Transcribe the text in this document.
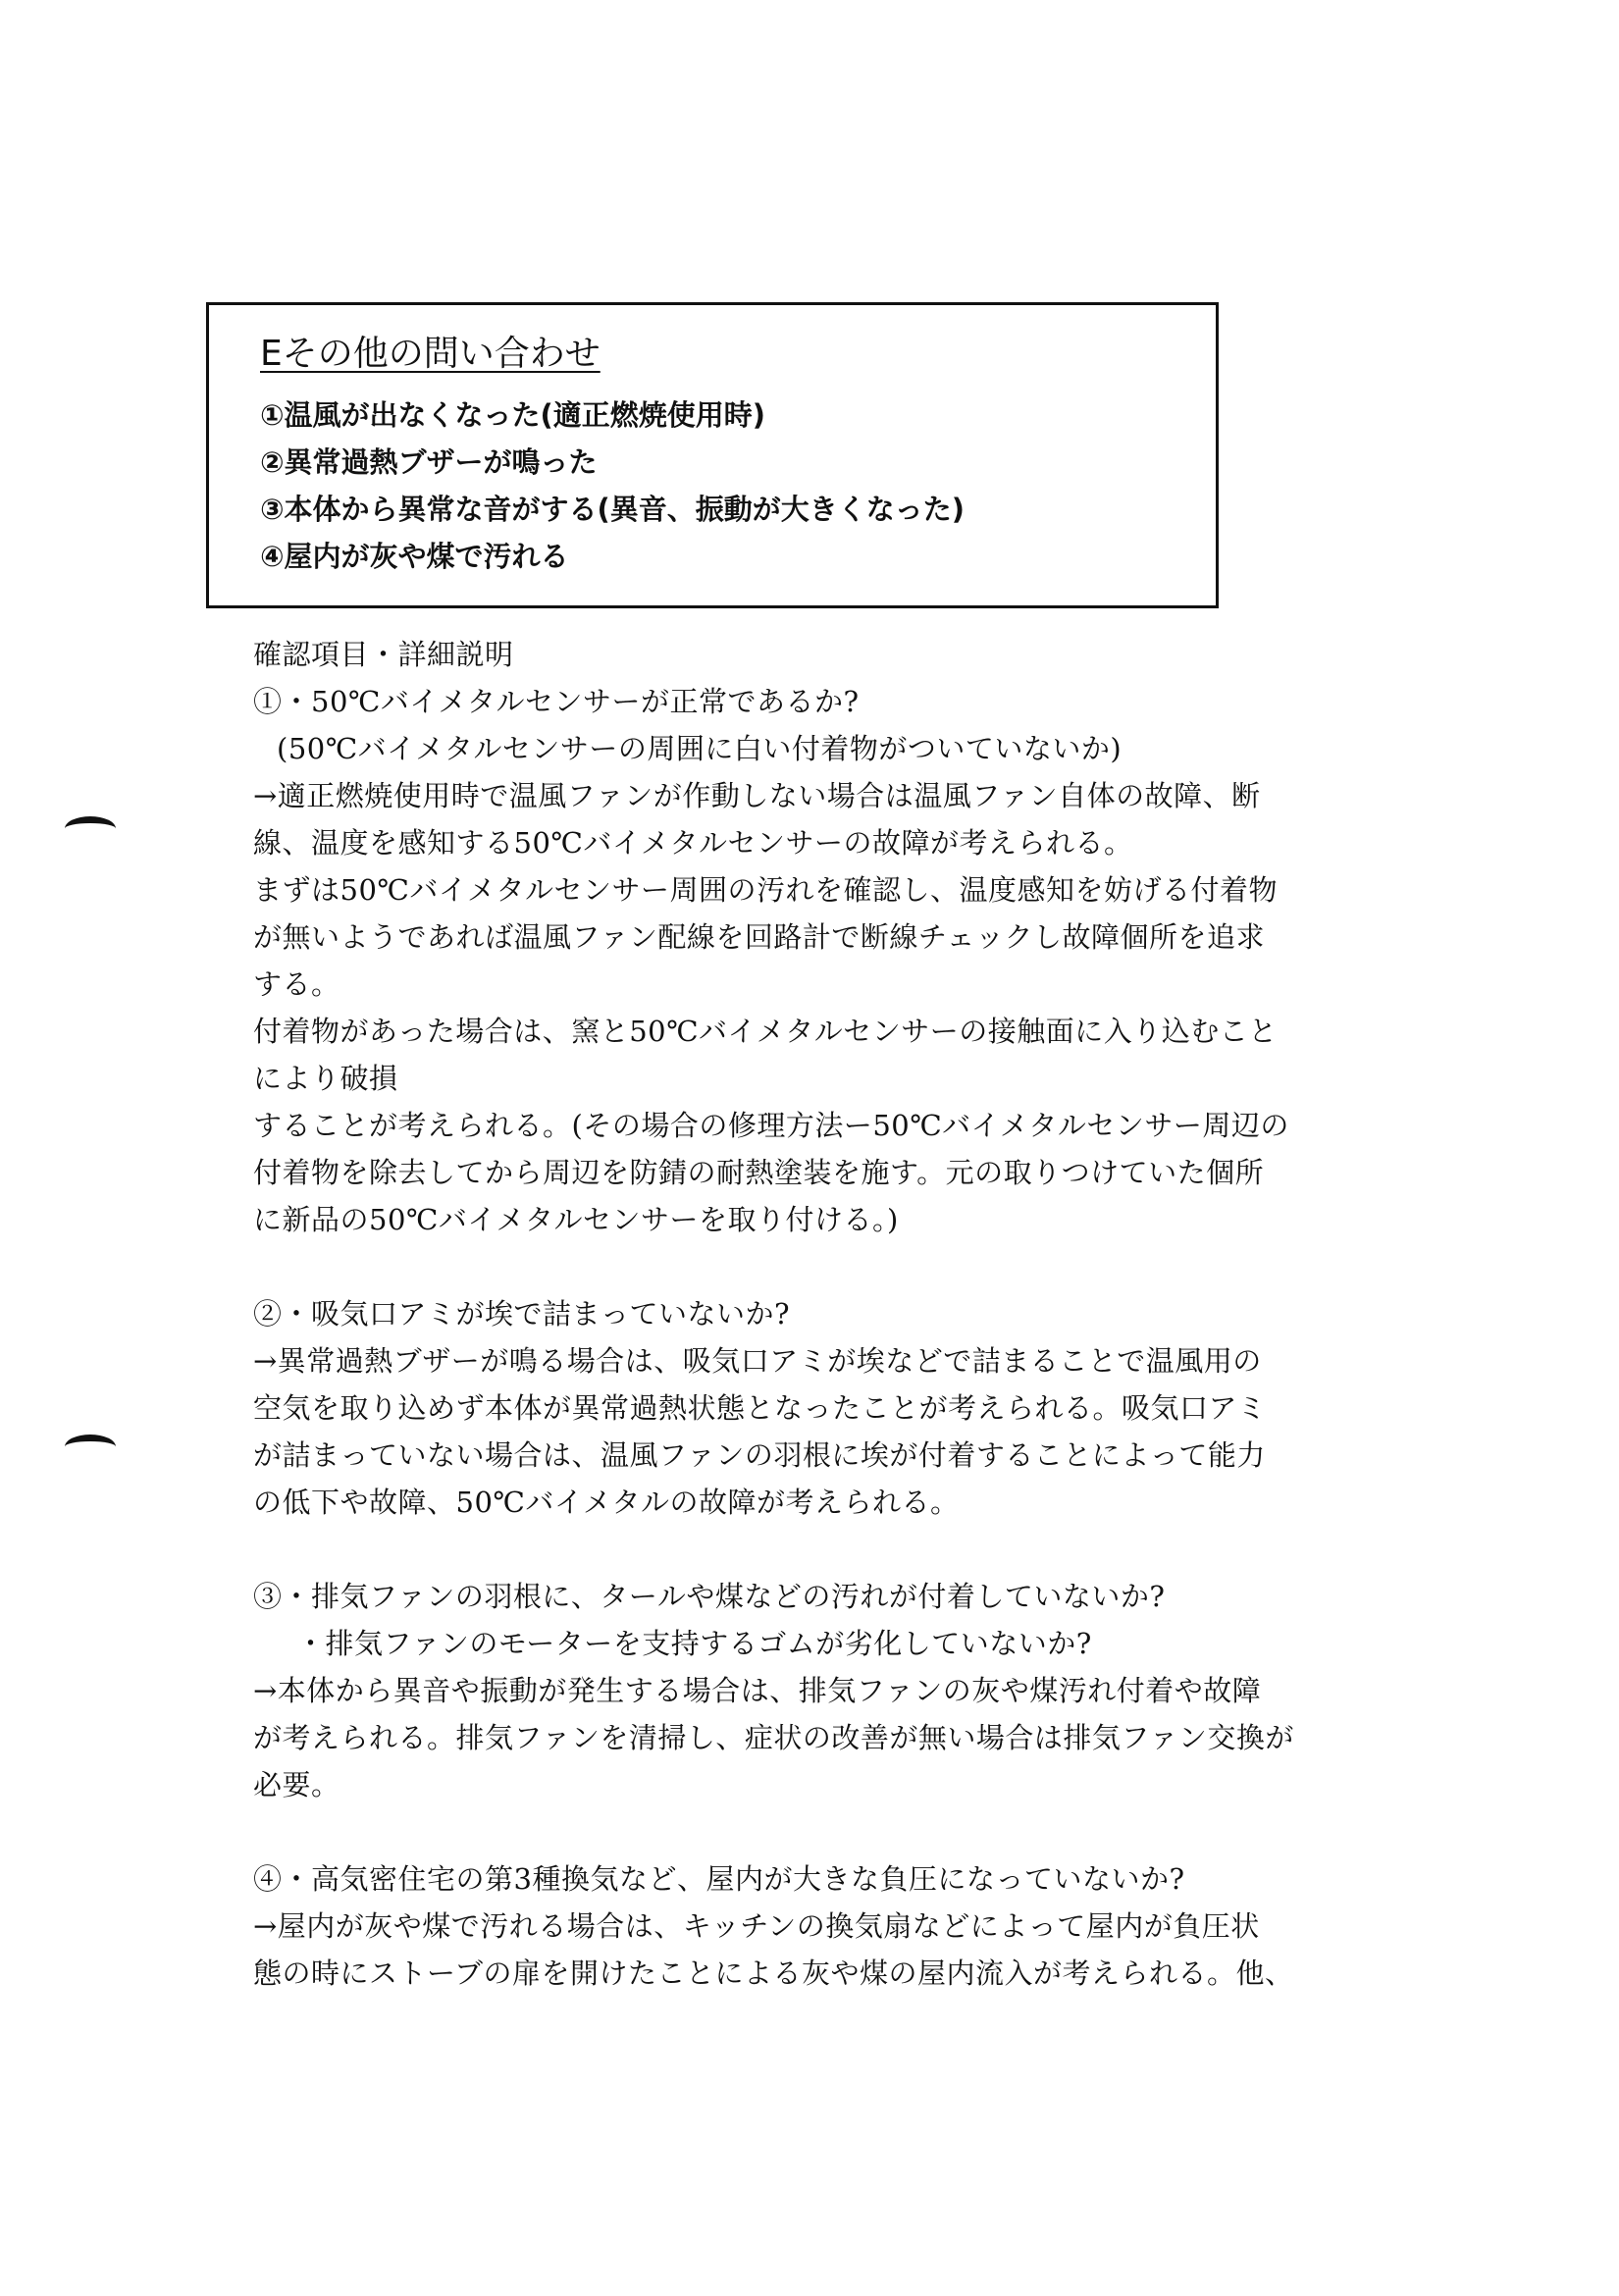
Eその他の問い合わせ
①温風が出なくなった(適正燃焼使用時)
②異常過熱ブザーが鳴った
③本体から異常な音がする(異音、振動が大きくなった)
④屋内が灰や煤で汚れる
確認項目・詳細説明
①・50℃バイメタルセンサーが正常であるか?
(50℃バイメタルセンサーの周囲に白い付着物がついていないか)
→適正燃焼使用時で温風ファンが作動しない場合は温風ファン自体の故障、断
線、温度を感知する50℃バイメタルセンサーの故障が考えられる。
まずは50℃バイメタルセンサー周囲の汚れを確認し、温度感知を妨げる付着物
が無いようであれば温風ファン配線を回路計で断線チェックし故障個所を追求
する。
付着物があった場合は、窯と50℃バイメタルセンサーの接触面に入り込むこと
により破損
することが考えられる。(その場合の修理方法ー50℃バイメタルセンサー周辺の
付着物を除去してから周辺を防錆の耐熱塗装を施す。元の取りつけていた個所
に新品の50℃バイメタルセンサーを取り付ける。)
②・吸気口アミが埃で詰まっていないか?
→異常過熱ブザーが鳴る場合は、吸気口アミが埃などで詰まることで温風用の
空気を取り込めず本体が異常過熱状態となったことが考えられる。吸気口アミ
が詰まっていない場合は、温風ファンの羽根に埃が付着することによって能力
の低下や故障、50℃バイメタルの故障が考えられる。
③・排気ファンの羽根に、タールや煤などの汚れが付着していないか?
・排気ファンのモーターを支持するゴムが劣化していないか?
→本体から異音や振動が発生する場合は、排気ファンの灰や煤汚れ付着や故障
が考えられる。排気ファンを清掃し、症状の改善が無い場合は排気ファン交換が
必要。
④・高気密住宅の第3種換気など、屋内が大きな負圧になっていないか?
→屋内が灰や煤で汚れる場合は、キッチンの換気扇などによって屋内が負圧状
態の時にストーブの扉を開けたことによる灰や煤の屋内流入が考えられる。他、
